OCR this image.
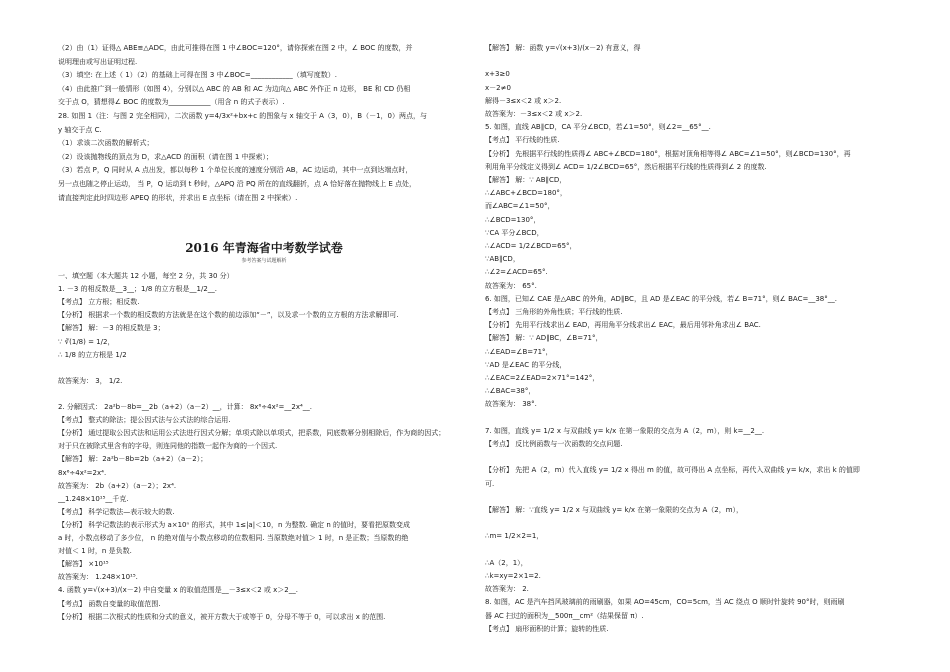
2016 年青海省中考数学试卷
参考答案与试题解析
（2）由（1）证得△ ABE≌△ADC，由此可推得在图 1 中∠BOC=120°，请你探索在图 2 中，∠ BOC 的度数，并
说明理由或写出证明过程.
（3）填空: 在上述（ 1）（2）的基础上可得在图 3 中∠BOC=____________（填写度数）.
（4）由此推广到一般情形（如图 4），分别以△ ABC 的 AB 和 AC 为边向△ ABC 外作正 n 边形， BE 和 CD 仍相
交于点 O，猜想得∠ BOC 的度数为____________（用含 n 的式子表示）.
28. 如图 1（注：与图 2 完全相同），二次函数 y=4/3x²+bx+c 的图象与 x 轴交于 A（3，0），B（－1，0）两点，与
y 轴交于点 C.
（1）求该二次函数的解析式；
（2）设该抛物线的顶点为 D，求△ACD 的面积（请在图 1 中探索）；
（3）若点 P，Q 同时从 A 点出发，都以每秒 1 个单位长度的速度分别沿 AB，AC 边运动，其中一点到达端点时，
另一点也随之停止运动， 当 P，Q 运动到 t 秒时，△APQ 沿 PQ 所在的直线翻折，点 A 恰好落在抛物线上 E 点处，
请直接判定此时四边形 APEQ 的形状，并求出 E 点坐标（请在图 2 中探索）.
一、填空题（本大题共 12 小题，每空 2 分，共 30 分）
1. －3 的相反数是__3__；1/8 的立方根是__1/2__.
【考点】 立方根；相反数.
【分析】 根据求一个数的相反数的方法就是在这个数的前边添加“－”，以及求一个数的立方根的方法求解即可.
【解答】 解：－3 的相反数是 3；
∵ ∛(1/8) = 1/2，
∴ 1/8 的立方根是 1/2
故答案为： 3， 1/2.
2. 分解因式： 2a²b－8b=__2b（a+2）（a－2）__，计算： 8x⁶÷4x²=__2x⁴__.
【考点】 整式的除法；提公因式法与公式法的综合运用.
【分析】 通过提取公因式法和运用公式法进行因式分解；单项式除以单项式，把系数，同底数幂分别相除后，作为商的因式；
对于只在被除式里含有的字母，则连同他的指数一起作为商的一个因式.
【解答】 解：2a²b－8b=2b（a+2）（a－2）；
8x⁶÷4x²=2x⁴.
故答案为： 2b（a+2）（a－2）；2x⁴.
__1.248×10¹⁵__千克.
【考点】 科学记数法—表示较大的数.
【分析】 科学记数法的表示形式为 a×10ⁿ 的形式，其中 1≤|a|＜10，n 为整数. 确定 n 的值时，要看把原数变成
a 时，小数点移动了多少位， n 的绝对值与小数点移动的位数相同. 当原数绝对值＞ 1 时，n 是正数；当原数的绝
对值＜ 1 时，n 是负数.
【解答】 ×10¹⁵
故答案为： 1.248×10¹⁵.
4. 函数 y=√(x+3)/(x－2) 中自变量 x 的取值范围是__－3≤x＜2 或 x＞2__.
【考点】 函数自变量的取值范围.
【分析】 根据二次根式的性质和分式的意义，被开方数大于或等于 0，分母不等于 0，可以求出 x 的范围.
【解答】 解：函数 y=√(x+3)/(x－2) 有意义，得
x+3≥0
x－2≠0
解得－3≤x＜2 或 x＞2.
故答案为：－3≤x＜2 或 x＞2.
5. 如图，直线 AB∥CD，CA 平分∠BCD，若∠1=50°，则∠2=__65°__.
【考点】 平行线的性质.
【分析】 先根据平行线的性质得∠ ABC+∠BCD=180°，根据对顶角相等得∠ ABC=∠1=50°，则∠BCD=130°，再
利用角平分线定义得到∠ ACD= 1/2∠BCD=65°，然后根据平行线的性质得到∠ 2 的度数.
【解答】 解：∵ AB∥CD，
∴∠ABC+∠BCD=180°，
而∠ABC=∠1=50°，
∴∠BCD=130°，
∵CA 平分∠BCD，
∴∠ACD= 1/2∠BCD=65°，
∵AB∥CD，
∴∠2=∠ACD=65°.
故答案为： 65°.
6. 如图，已知∠ CAE 是△ABC 的外角，AD∥BC，且 AD 是∠EAC 的平分线，若∠ B=71°，则∠ BAC=__38°__.
【考点】 三角形的外角性质；平行线的性质.
【分析】 先用平行线求出∠ EAD，再用角平分线求出∠ EAC，最后用邻补角求出∠ BAC.
【解答】 解：∵ AD∥BC，∠B=71°，
∴∠EAD=∠B=71°，
∵AD 是∠EAC 的平分线，
∴∠EAC=2∠EAD=2×71°=142°，
∴∠BAC=38°，
故答案为： 38°.
7. 如图，直线 y= 1/2 x 与双曲线 y= k/x 在第一象限的交点为 A（2，m），则 k=__2__.
【考点】 反比例函数与一次函数的交点问题.
【分析】 先把 A（2，m）代入直线 y= 1/2 x 得出 m 的值，故可得出 A 点坐标，再代入双曲线 y= k/x，求出 k 的值即
可.
【解答】 解：∵直线 y= 1/2 x 与双曲线 y= k/x 在第一象限的交点为 A（2，m），
∴m= 1/2×2=1，
∴A（2，1），
∴k=xy=2×1=2.
故答案为： 2.
8. 如图，AC 是汽车挡风玻璃前的雨刷器，如果 AO=45cm，CO=5cm，当 AC 绕点 O 顺时针旋转 90°时，则雨刷
器 AC 扫过的面积为__500π__cm²（结果保留 π）.
【考点】 扇形面积的计算；旋转的性质.
